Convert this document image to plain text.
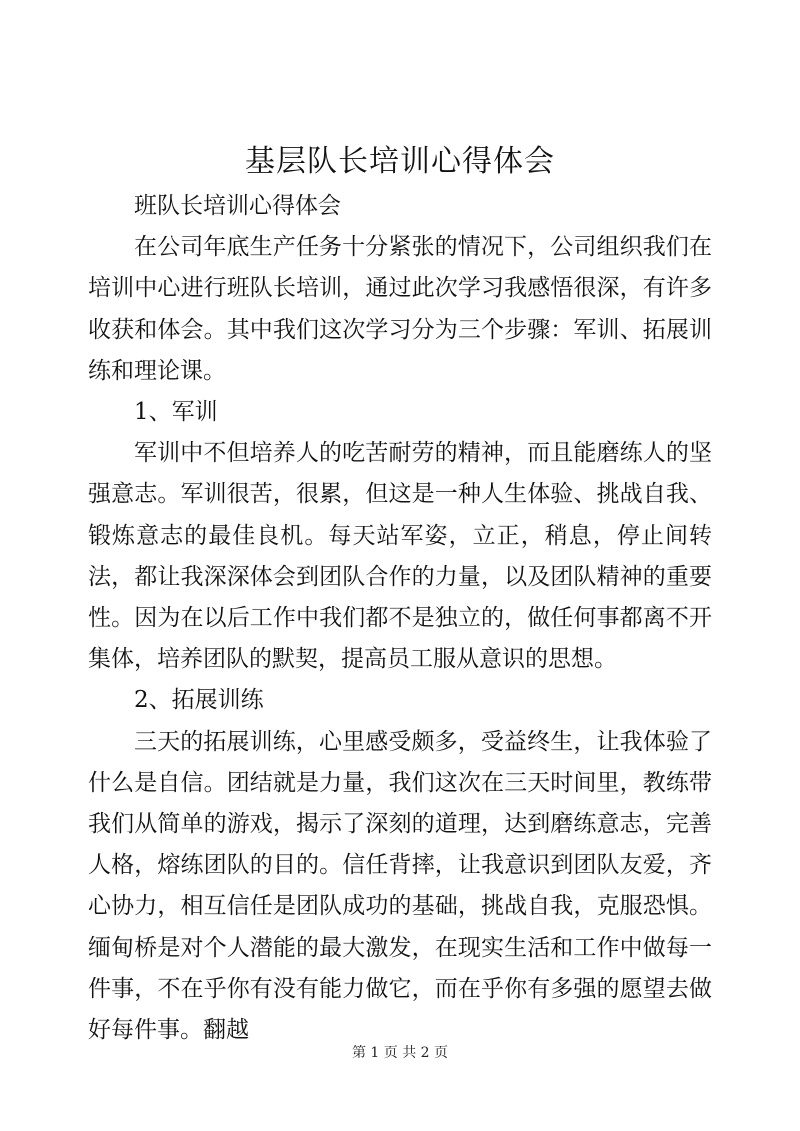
基层队长培训心得体会

班队长培训心得体会

在公司年底生产任务十分紧张的情况下，公司组织我们在培训中心进行班队长培训，通过此次学习我感悟很深，有许多收获和体会。其中我们这次学习分为三个步骤：军训、拓展训练和理论课。

1、军训

军训中不但培养人的吃苦耐劳的精神，而且能磨练人的坚强意志。军训很苦，很累，但这是一种人生体验、挑战自我、锻炼意志的最佳良机。每天站军姿，立正，稍息，停止间转法，都让我深深体会到团队合作的力量，以及团队精神的重要性。因为在以后工作中我们都不是独立的，做任何事都离不开集体，培养团队的默契，提高员工服从意识的思想。

2、拓展训练

三天的拓展训练，心里感受颇多，受益终生，让我体验了什么是自信。团结就是力量，我们这次在三天时间里，教练带我们从简单的游戏，揭示了深刻的道理，达到磨练意志，完善人格，熔练团队的目的。信任背摔，让我意识到团队友爱，齐心协力，相互信任是团队成功的基础，挑战自我，克服恐惧。缅甸桥是对个人潜能的最大激发，在现实生活和工作中做每一件事，不在乎你有没有能力做它，而在乎你有多强的愿望去做好每件事。翻越

第 1 页 共 2 页
